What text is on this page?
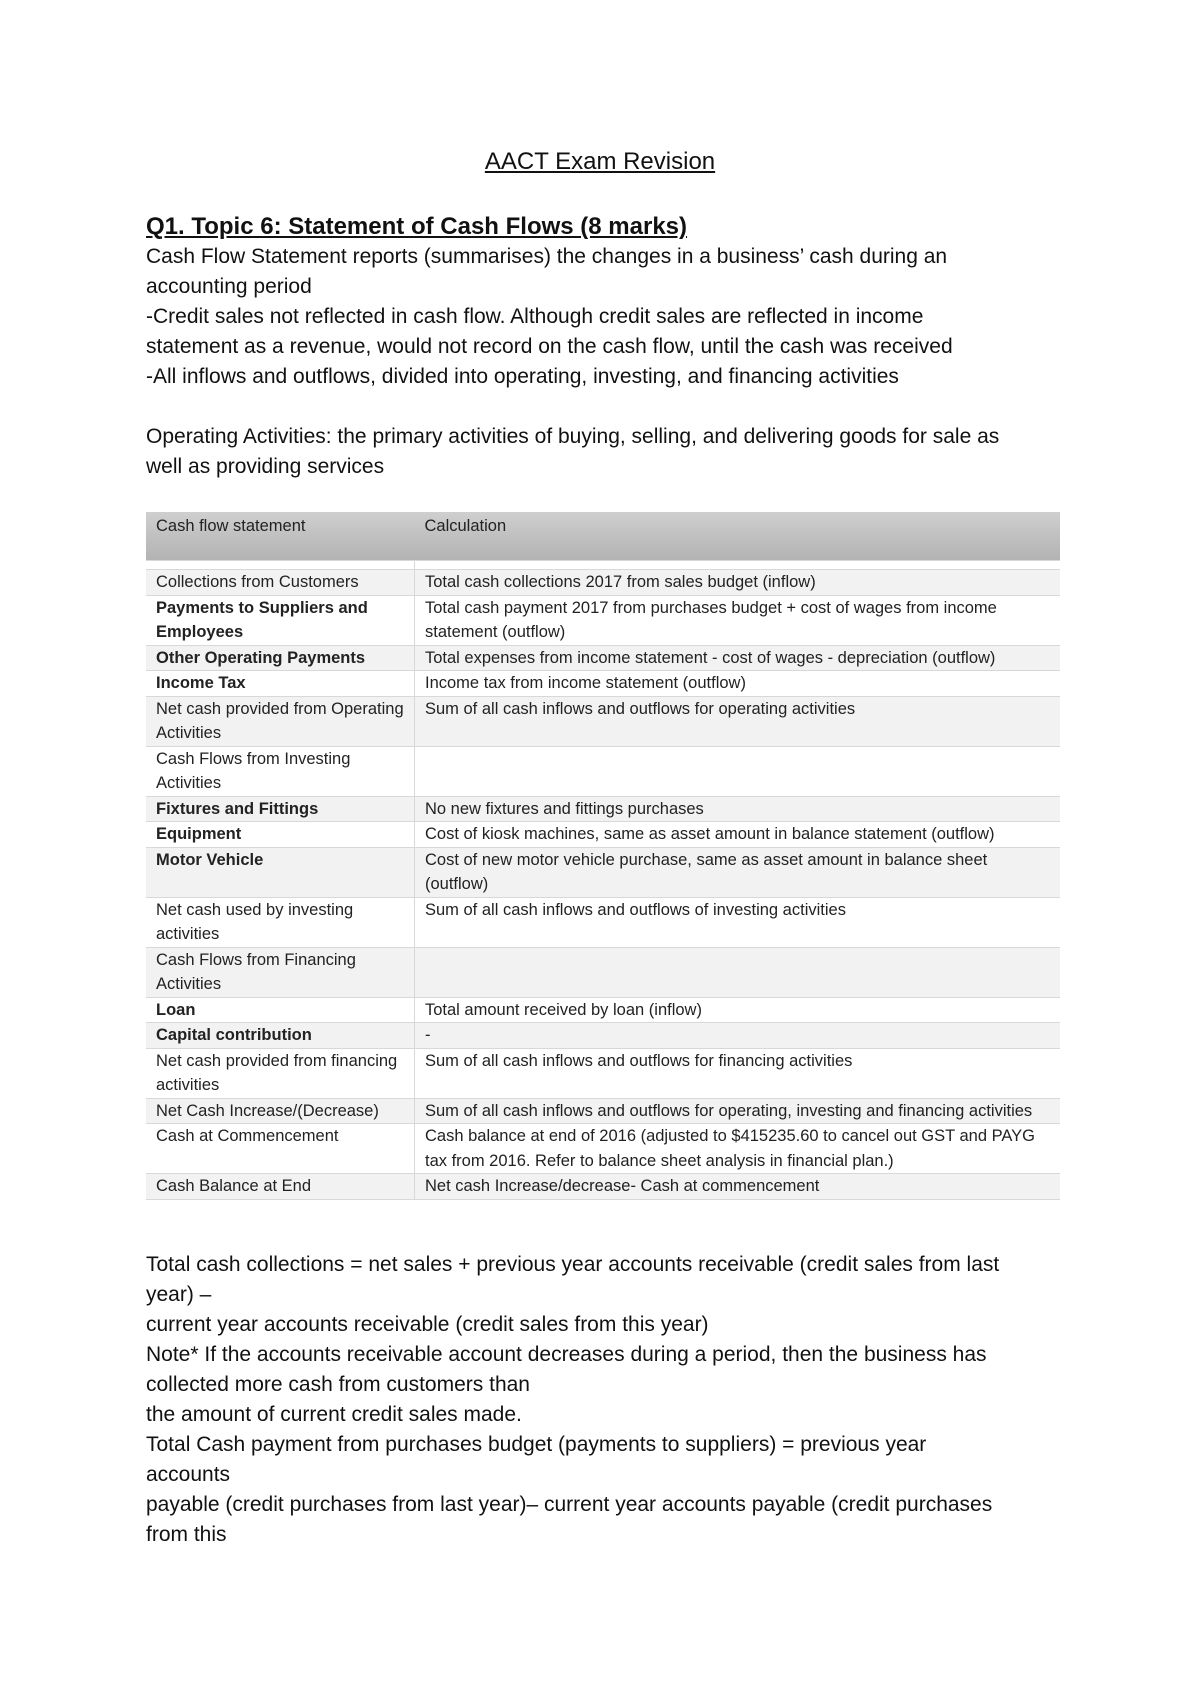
AACT Exam Revision
Q1. Topic 6: Statement of Cash Flows (8 marks)

Cash Flow Statement reports (summarises) the changes in a business’ cash during an

accounting period

-Credit sales not reflected in cash flow. Although credit sales are reflected in income

statement as a revenue, would not record on the cash flow, until the cash was received

-All inflows and outflows, divided into operating, investing, and financing activities

Operating Activities: the primary activities of buying, selling, and delivering goods for sale as

well as providing services

Cash flow statement	Calculation

Collections from Customers	Total cash collections 2017 from sales budget (inflow)
Payments to Suppliers and Employees	Total cash payment 2017 from purchases budget + cost of wages from income statement (outflow)
Other Operating Payments	Total expenses from income statement - cost of wages - depreciation (outflow)
Income Tax	Income tax from income statement (outflow)
Net cash provided from Operating Activities	Sum of all cash inflows and outflows for operating activities
Cash Flows from Investing Activities	
Fixtures and Fittings	No new fixtures and fittings purchases
Equipment	Cost of kiosk machines, same as asset amount in balance statement (outflow)
Motor Vehicle	Cost of new motor vehicle purchase, same as asset amount in balance sheet (outflow)
Net cash used by investing activities	Sum of all cash inflows and outflows of investing activities
Cash Flows from Financing Activities	
Loan	Total amount received by loan (inflow)
Capital contribution	-
Net cash provided from financing activities	Sum of all cash inflows and outflows for financing activities
Net Cash Increase/(Decrease)	Sum of all cash inflows and outflows for operating, investing and financing activities
Cash at Commencement	Cash balance at end of 2016 (adjusted to $415235.60 to cancel out GST and PAYG tax from 2016. Refer to balance sheet analysis in financial plan.)
Cash Balance at End	Net cash Increase/decrease- Cash at commencement

Total cash collections = net sales + previous year accounts receivable (credit sales from last

year) –

current year accounts receivable (credit sales from this year)

Note* If the accounts receivable account decreases during a period, then the business has

collected more cash from customers than

the amount of current credit sales made.

Total Cash payment from purchases budget (payments to suppliers) = previous year

accounts

payable (credit purchases from last year)– current year accounts payable (credit purchases

from this
